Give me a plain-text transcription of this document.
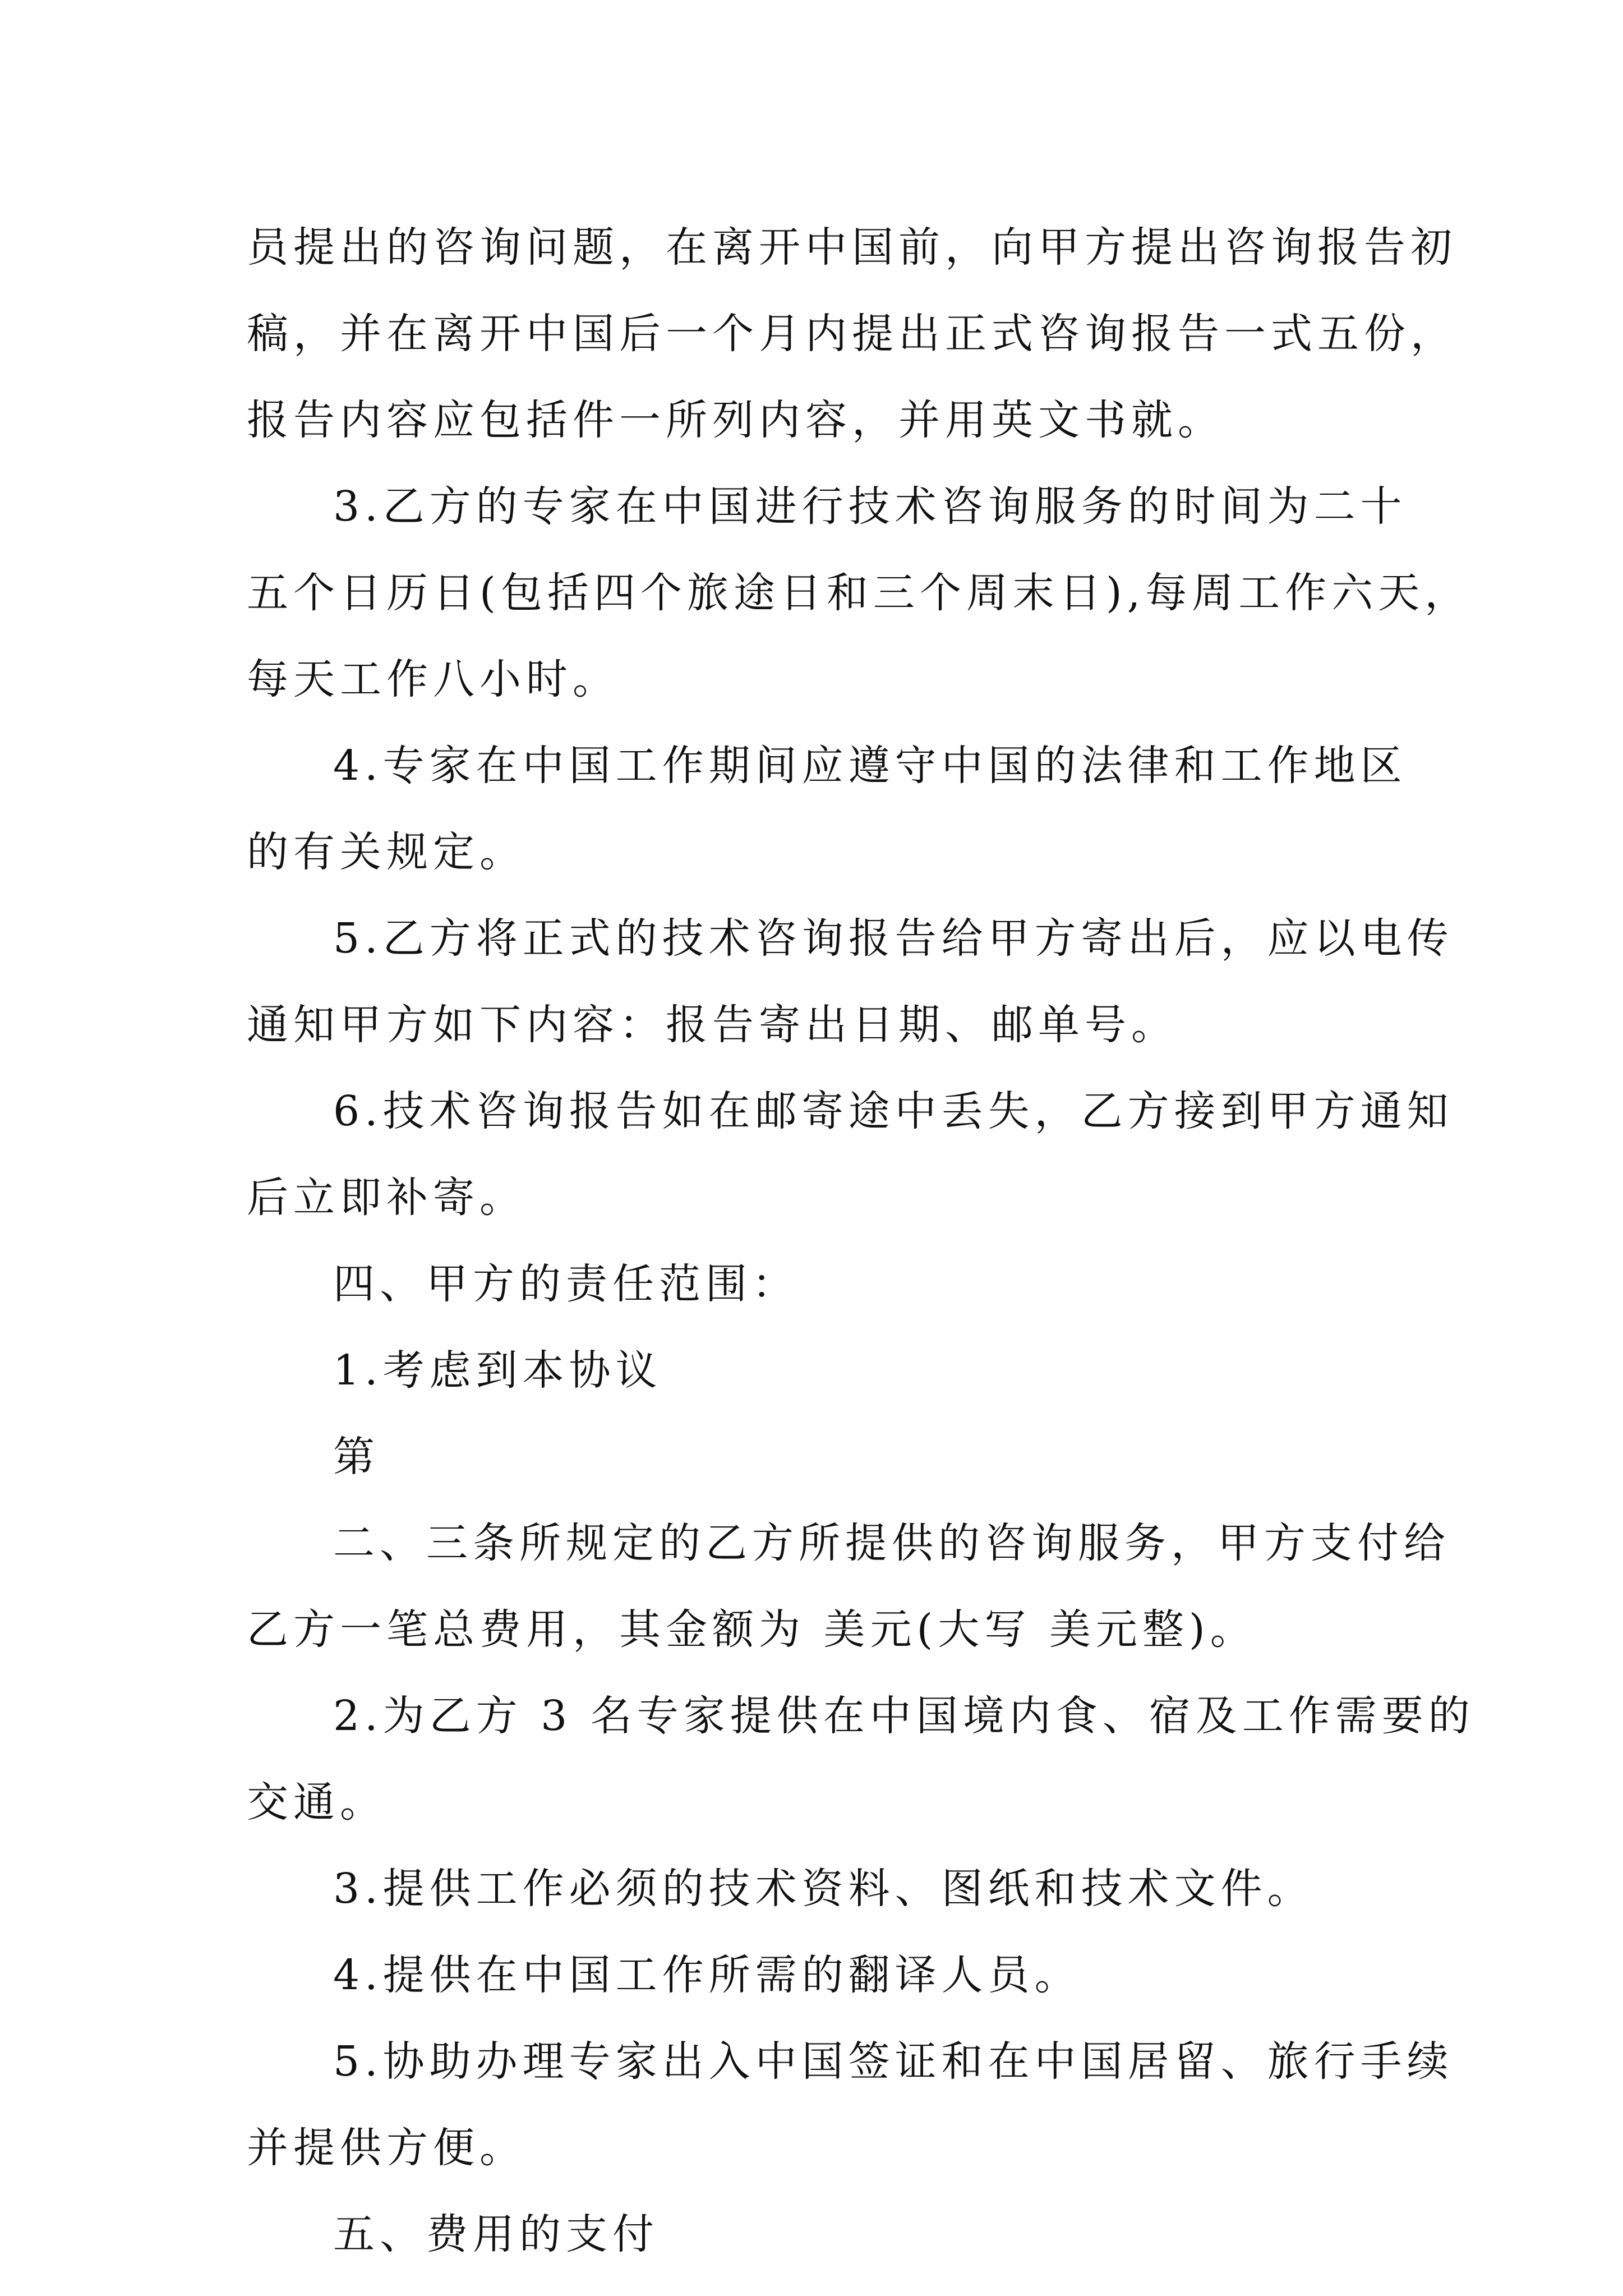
员提出的咨询问题，在离开中国前，向甲方提出咨询报告初
稿，并在离开中国后一个月内提出正式咨询报告一式五份，
报告内容应包括件一所列内容，并用英文书就。
3.乙方的专家在中国进行技术咨询服务的时间为二十
五个日历日(包括四个旅途日和三个周末日),每周工作六天，
每天工作八小时。
4.专家在中国工作期间应遵守中国的法律和工作地区
的有关规定。
5.乙方将正式的技术咨询报告给甲方寄出后，应以电传
通知甲方如下内容：报告寄出日期、邮单号。
6.技术咨询报告如在邮寄途中丢失，乙方接到甲方通知
后立即补寄。
四、甲方的责任范围：
1.考虑到本协议
第
二、三条所规定的乙方所提供的咨询服务，甲方支付给
乙方一笔总费用，其金额为 美元(大写 美元整)。
2.为乙方 3 名专家提供在中国境内食、宿及工作需要的
交通。
3.提供工作必须的技术资料、图纸和技术文件。
4.提供在中国工作所需的翻译人员。
5.协助办理专家出入中国签证和在中国居留、旅行手续
并提供方便。
五、费用的支付
